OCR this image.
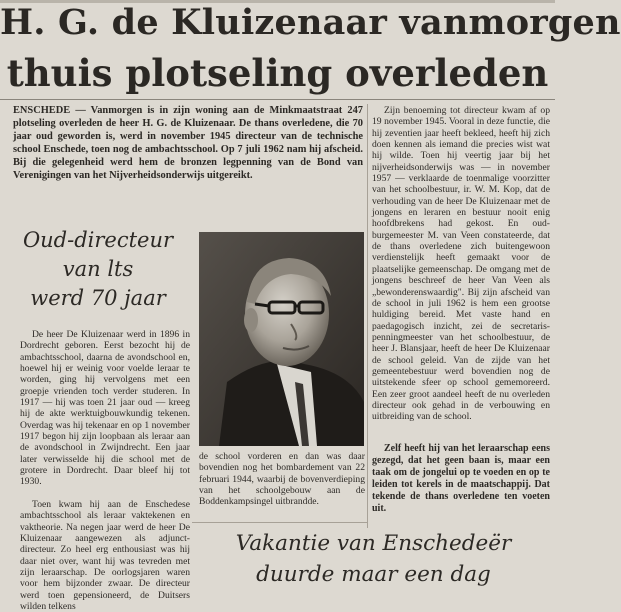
H. G. de Kluizenaar vanmorgen
thuis plotseling overleden
ENSCHEDE — Vanmorgen is in zijn woning aan de Minkmaatstraat 247 plotseling overleden de heer H. G. de Kluizenaar. De thans overledene, die 70 jaar oud geworden is, werd in november 1945 directeur van de technische school Enschede, toen nog de ambachtsschool. Op 7 juli 1962 nam hij afscheid. Bij die gelegenheid werd hem de bronzen legpenning van de Bond van Verenigingen van het Nijverheidsonderwijs uitgereikt.
Oud-directeur
van lts
werd 70 jaar

De heer De Kluizenaar werd in 1896 in Dordrecht geboren. Eerst bezocht hij de ambachtsschool, daarna de avondschool en, hoewel hij er weinig voor voelde leraar te worden, ging hij vervolgens met een groepje vrienden toch verder studeren. In 1917 — hij was toen 21 jaar oud — kreeg hij de akte werktuigbouwkundig tekenen. Overdag was hij tekenaar en op 1 november 1917 begon hij zijn loopbaan als leraar aan de avondschool in Zwijndrecht. Een jaar later verwisselde hij die school met de grotere in Dordrecht. Daar bleef hij tot 1930.

Toen kwam hij aan de Enschedese ambachtsschool als leraar vaktekenen en vaktheorie. Na negen jaar werd de heer De Kluizenaar aangewezen als adjunct-directeur. Zo heel erg enthousiast was hij daar niet over, want hij was tevreden met zijn leraarschap. De oorlogsjaren waren voor hem bijzonder zwaar. De directeur werd toen gepensioneerd, de Duitsers wilden telkens

de school vorderen en dan was daar bovendien nog het bombardement van 22 februari 1944, waarbij de bovenverdieping van het schoolgebouw aan de Boddenkampsingel uitbrandde.

Zijn benoeming tot directeur kwam af op 19 november 1945. Vooral in deze functie, die hij zeventien jaar heeft bekleed, heeft hij zich doen kennen als iemand die precies wist wat hij wilde. Toen hij veertig jaar bij het nijverheidsonderwijs was — in november 1957 — verklaarde de toenmalige voorzitter van het schoolbestuur, ir. W. M. Kop, dat de verhouding van de heer De Kluizenaar met de jongens en leraren en bestuur nooit enig hoofdbrekens had gekost. En oud-burgemeester M. van Veen constateerde, dat de thans overledene zich buitengewoon verdienstelijk heeft gemaakt voor de plaatselijke gemeenschap. De omgang met de jongens beschreef de heer Van Veen als „bewonderenswaardig". Bij zijn afscheid van de school in juli 1962 is hem een grootse huldiging bereid. Met vaste hand en paedagogisch inzicht, zei de secretaris-penningmeester van het schoolbestuur, de heer J. Blansjaar, heeft de heer De Kluizenaar de school geleid. Van de zijde van het gemeentebestuur werd bovendien nog de uitstekende sfeer op school gememoreerd. Een zeer groot aandeel heeft de nu overleden directeur ook gehad in de verbouwing en uitbreiding van de school.

Zelf heeft hij van het leraarschap eens gezegd, dat het geen baan is, maar een taak om de jongelui op te voeden en op te leiden tot kerels in de maatschappij. Dat tekende de thans overledene ten voeten uit.

Vakantie van Enschedeër
duurde maar een dag
